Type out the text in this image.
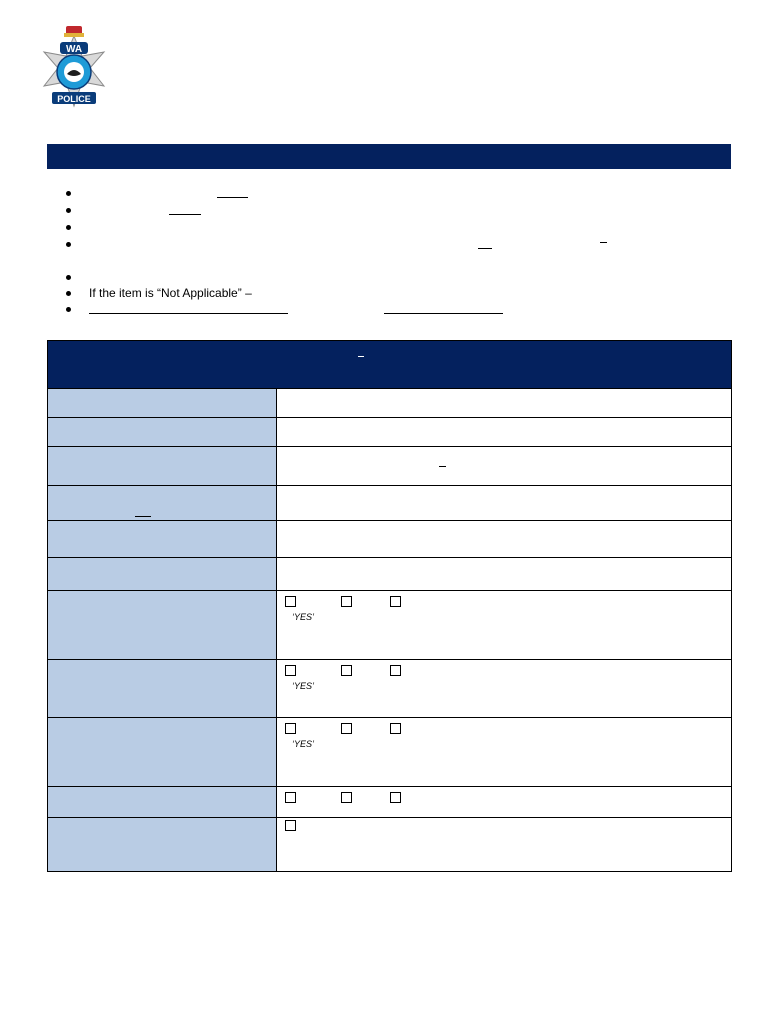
WA
POLICE
If the item is “Not Applicable” –

	‘YES’

	‘YES’

	‘YES’
